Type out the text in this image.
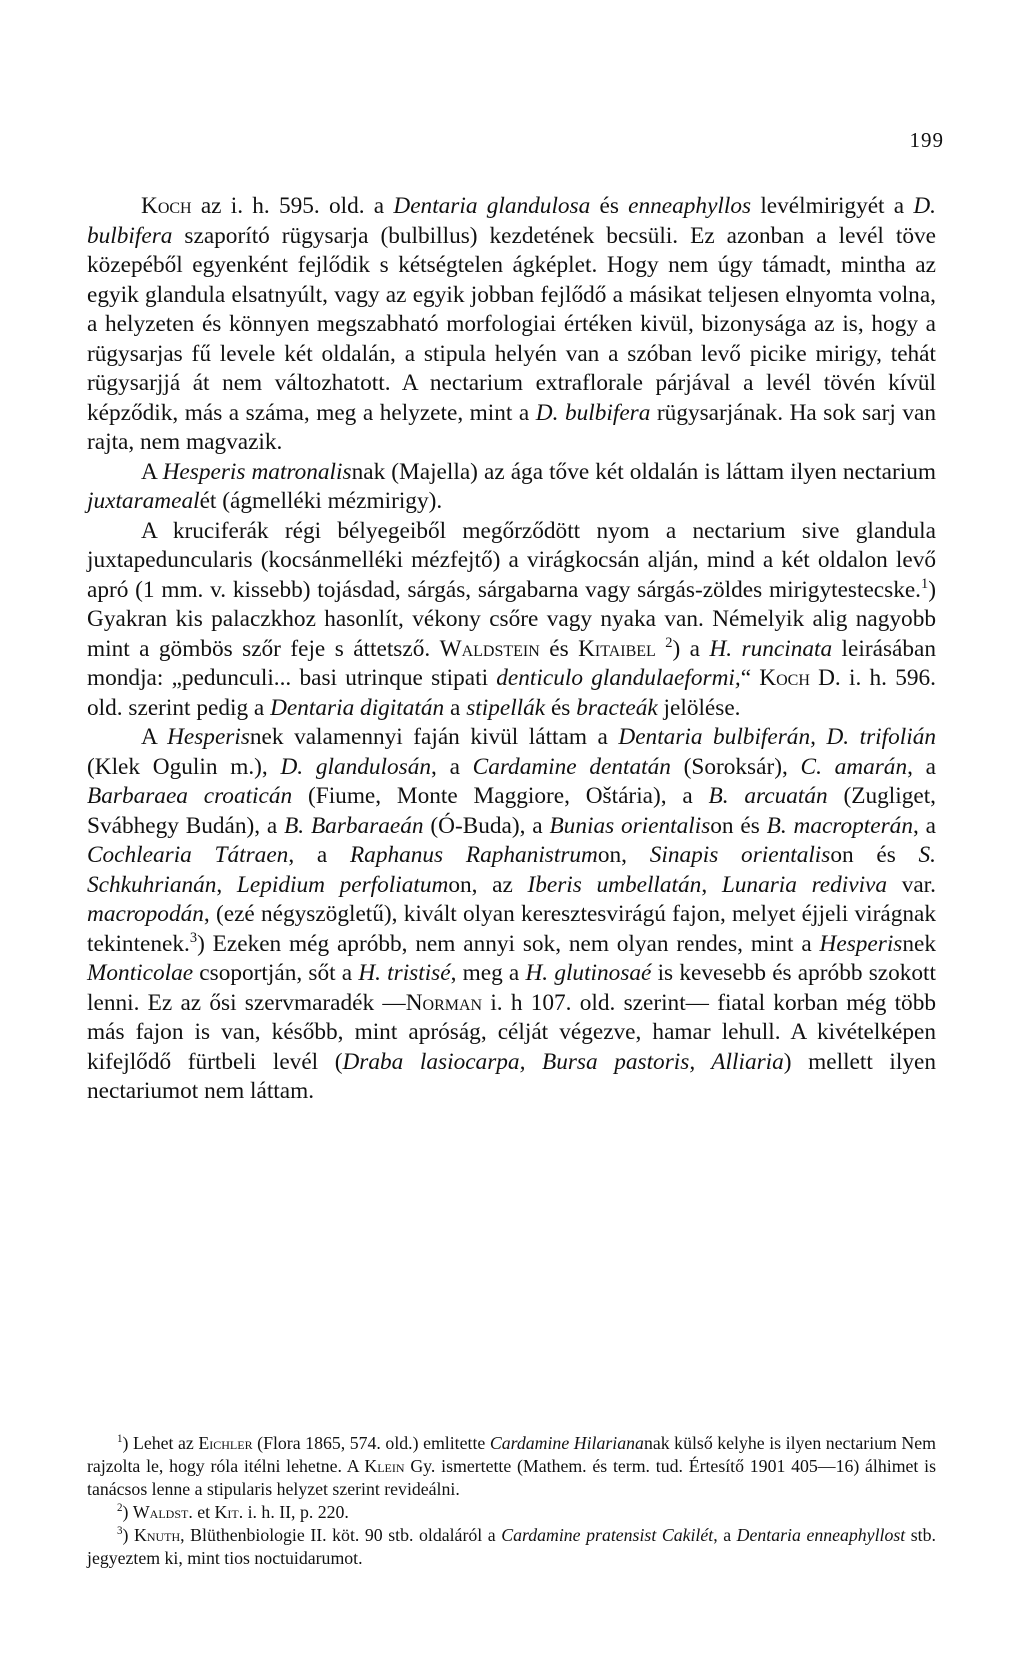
199

Koch az i. h. 595. old. a Dentaria glandulosa és enneaphyllos levélmirigyét a D. bulbifera szaporító rügysarja (bulbillus) kezdetének becsüli. Ez azonban a levél töve közepéből egyenként fejlődik s kétségtelen ágképlet. Hogy nem úgy támadt, mintha az egyik glandula elsatnyúlt, vagy az egyik jobban fejlődő a másikat teljesen elnyomta volna, a helyzeten és könnyen megszabható morfologiai értéken kivül, bizonysága az is, hogy a rügysarjas fű levele két oldalán, a stipula helyén van a szóban levő picike mirigy, tehát rügysarjjá át nem változhatott. A nectarium extraflorale párjával a levél tövén kívül képződik, más a száma, meg a helyzete, mint a D. bulbifera rügysarjának. Ha sok sarj van rajta, nem magvazik.

A Hesperis matronalisnak (Majella) az ága tőve két oldalán is láttam ilyen nectarium juxtaramealét (ágmelléki mézmirigy).

A kruciferák régi bélyegeiből megőrződött nyom a nectarium sive glandula juxtapeduncularis (kocsánmelléki mézfejtő) a virágkocsán alján, mind a két oldalon levő apró (1 mm. v. kissebb) tojásdad, sárgás, sárgabarna vagy sárgás-zöldes mirigytestecske.$^1$) Gyakran kis palaczkhoz hasonlít, vékony csőre vagy nyaka van. Némelyik alig nagyobb mint a gömbös szőr feje s áttetsző. Waldstein és Kitaibel $^2$) a H. runcinata leirásában mondja: „pedunculi... basi utrinque stipati denticulo glandulaeformi,“ Koch D. i. h. 596. old. szerint pedig a Dentaria digitatán a stipellák és bracteák jelölése.

A Hesperisnek valamennyi faján kivül láttam a Dentaria bulbiferán, D. trifolián (Klek Ogulin m.), D. glandulosán, a Cardamine dentatán (Soroksár), C. amarán, a Barbaraea croaticán (Fiume, Monte Maggiore, Oštária), a B. arcuatán (Zugliget, Svábhegy Budán), a B. Barbaraeán (Ó-Buda), a Bunias orientalison és B. macropterán, a Cochlearia Tátraen, a Raphanus Raphanistrumon, Sinapis orientalison és S. Schkuhrianán, Lepidium perfoliatumon, az Iberis umbellatán, Lunaria rediviva var. macropodán, (ezé négyszögletű), kivált olyan keresztesvirágú fajon, melyet éjjeli virágnak tekintenek.$^3$) Ezeken még apróbb, nem annyi sok, nem olyan rendes, mint a Hesperisnek Monticolae csoportján, sőt a H. tristisé, meg a H. glutinosaé is kevesebb és apróbb szokott lenni. Ez az ősi szervmaradék —Norman i. h 107. old. szerint— fiatal korban még több más fajon is van, később, mint apróság, célját végezve, hamar lehull. A kivételképen kifejlődő fürtbeli levél (Draba lasiocarpa, Bursa pastoris, Alliaria) mellett ilyen nectariumot nem láttam.

$^1$) Lehet az Eichler (Flora 1865, 574. old.) emlitette Cardamine Hilariananak külső kelyhe is ilyen nectarium Nem rajzolta le, hogy róla itélni lehetne. A Klein Gy. ismertette (Mathem. és term. tud. Értesítő 1901 405—16) álhimet is tanácsos lenne a stipularis helyzet szerint revideálni.

$^2$) Waldst. et Kit. i. h. II, p. 220.

$^3$) Knuth, Blüthenbiologie II. köt. 90 stb. oldaláról a Cardamine pratensist Cakilét, a Dentaria enneaphyllost stb. jegyeztem ki, mint tios noctuidarumot.
